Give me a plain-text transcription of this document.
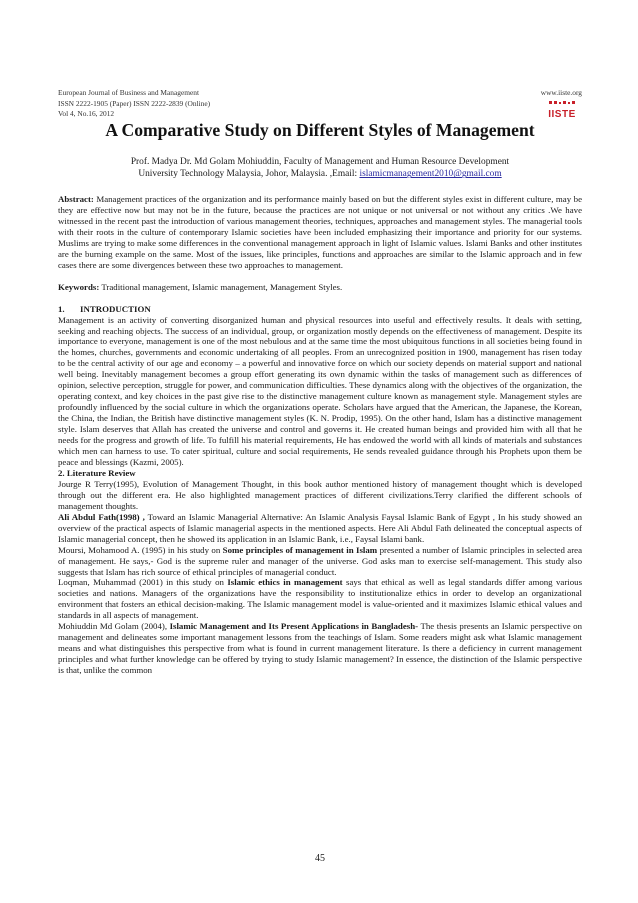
European Journal of Business and Management
ISSN 2222-1905 (Paper) ISSN 2222-2839 (Online)
Vol 4, No.16, 2012
www.iiste.org
IISTE
A Comparative Study on Different Styles of Management
Prof. Madya Dr. Md Golam Mohiuddin, Faculty of Management and Human Resource Development
University Technology Malaysia, Johor, Malaysia. ,Email: islamicmanagement2010@gmail.com

Abstract: Management practices of the organization and its performance mainly based on but the different styles exist in different culture, may be they are effective now but may not be in the future, because the practices are not unique or not universal or not without any critics .We have witnessed in the recent past the introduction of various management theories, techniques, approaches and management styles. The managerial tools with their roots in the culture of contemporary Islamic societies have been included emphasizing their importance and priority for our systems. Muslims are trying to make some differences in the conventional management approach in light of Islamic values. Islami Banks and other institutes are the burning example on the same. Most of the issues, like principles, functions and approaches are similar to the Islamic approach and in few cases there are some divergences between these two approaches to management.

Keywords: Traditional management, Islamic management, Management Styles.

1. INTRODUCTION

Management is an activity of converting disorganized human and physical resources into useful and effectively results. It deals with setting, seeking and reaching objects. The success of an individual, group, or organization mostly depends on the effectiveness of management. Despite its importance to everyone, management is one of the most nebulous and at the same time the most ubiquitous functions in all societies being found in the homes, churches, governments and economic undertaking of all peoples. From an unrecognized position in 1900, management has risen today to be the central activity of our age and economy – a powerful and innovative force on which our society depends on material support and national well being. Inevitably management becomes a group effort generating its own dynamic within the tasks of management such as differences of opinion, selective perception, struggle for power, and communication difficulties. These dynamics along with the objectives of the organization, the operating context, and key choices in the past give rise to the distinctive management culture known as management style. Management styles are profoundly influenced by the social culture in which the organizations operate. Scholars have argued that the American, the Japanese, the Korean, the China, the Indian, the British have distinctive management styles (K. N. Prodip, 1995). On the other hand, Islam has a distinctive management style. Islam deserves that Allah has created the universe and control and governs it. He created human beings and provided him with all that he needs for the progress and growth of life. To fulfill his material requirements, He has endowed the world with all kinds of materials and substances which men can harness to use. To cater spiritual, culture and social requirements, He sends revealed guidance through his Prophets upon them be peace and blessings (Kazmi, 2005).

2. Literature Review

Jourge R Terry(1995), Evolution of Management Thought, in this book author mentioned history of management thought which is developed through out the different era. He also highlighted management practices of different civilizations.Terry clarified the different schools of management thoughts.

Ali Abdul Fath(1998) , Toward an Islamic Managerial Alternative: An Islamic Analysis Faysal Islamic Bank of Egypt , In his study showed an overview of the practical aspects of Islamic managerial aspects in the mentioned aspects. Here Ali Abdul Fath delineated the conceptual aspects of Islamic managerial concept, then he showed its application in an Islamic Bank, i.e., Faysal Islami bank.

Moursi, Mohamood A. (1995) in his study on Some principles of management in Islam presented a number of Islamic principles in selected area of management. He says,- God is the supreme ruler and manager of the universe. God asks man to exercise self-management. This study also suggests that Islam has rich source of ethical principles of managerial conduct.

Loqman, Muhammad (2001) in this study on Islamic ethics in management says that ethical as well as legal standards differ among various societies and nations. Managers of the organizations have the responsibility to institutionalize ethics in order to develop an organizational environment that fosters an ethical decision-making. The Islamic management model is value-oriented and it maximizes Islamic ethical values and standards in all aspects of management.

Mohiuddin Md Golam (2004), Islamic Management and Its Present Applications in Bangladesh- The thesis presents an Islamic perspective on management and delineates some important management lessons from the teachings of Islam. Some readers might ask what Islamic management means and what distinguishes this perspective from what is found in current management literature. Is there a deficiency in current management principles and what further knowledge can be offered by trying to study Islamic management? In essence, the distinction of the Islamic perspective is that, unlike the common

45
